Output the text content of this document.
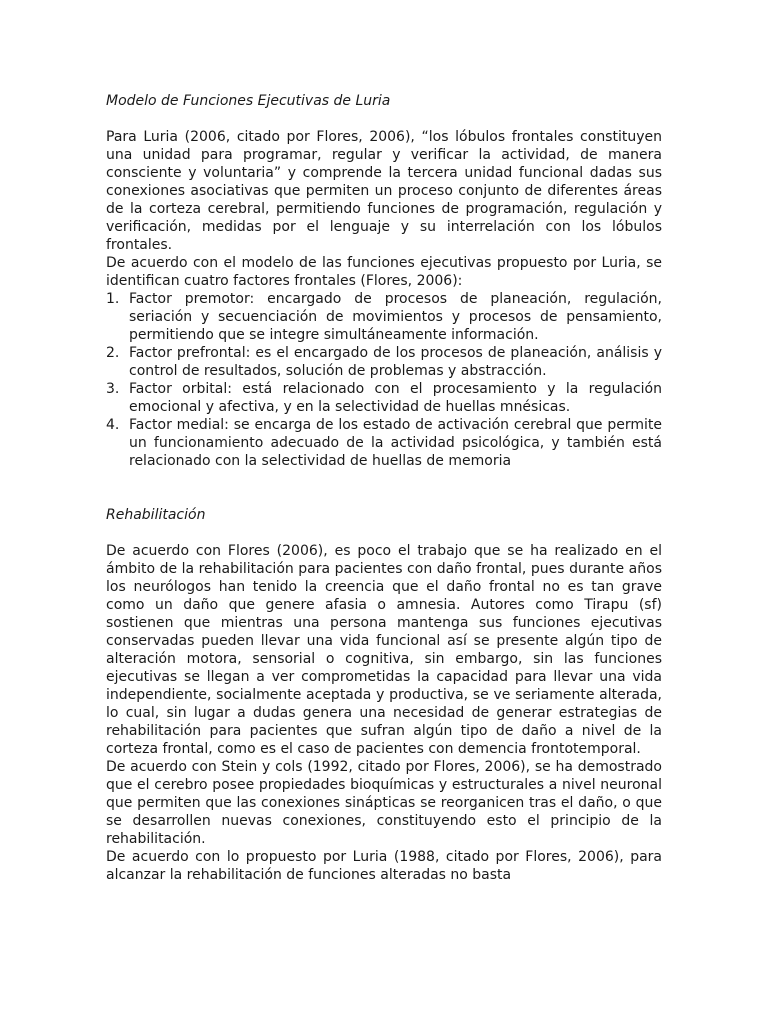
Modelo de Funciones Ejecutivas de Luria

Para Luria (2006, citado por Flores, 2006), “los lóbulos frontales constituyen una unidad para programar, regular y verificar la actividad, de manera consciente y voluntaria” y comprende la tercera unidad funcional dadas sus conexiones asociativas que permiten un proceso conjunto de diferentes áreas de la corteza cerebral, permitiendo funciones de programación, regulación y verificación, medidas por el lenguaje y su interrelación con los lóbulos frontales.

De acuerdo con el modelo de las funciones ejecutivas propuesto por Luria, se identifican cuatro factores frontales (Flores, 2006):

1. Factor premotor: encargado de procesos de planeación, regulación, seriación y secuenciación de movimientos y procesos de pensamiento, permitiendo que se integre simultáneamente información.
2. Factor prefrontal: es el encargado de los procesos de planeación, análisis y control de resultados, solución de problemas y abstracción.
3. Factor orbital: está relacionado con el procesamiento y la regulación emocional y afectiva, y en la selectividad de huellas mnésicas.
4. Factor medial: se encarga de los estado de activación cerebral que permite un funcionamiento adecuado de la actividad psicológica, y también está relacionado con la selectividad de huellas de memoria

Rehabilitación

De acuerdo con Flores (2006), es poco el trabajo que se ha realizado en el ámbito de la rehabilitación para pacientes con daño frontal, pues durante años los neurólogos han tenido la creencia que el daño frontal no es tan grave como un daño que genere afasia o amnesia. Autores como Tirapu (sf) sostienen que mientras una persona mantenga sus funciones ejecutivas conservadas pueden llevar una vida funcional así se presente algún tipo de alteración motora, sensorial o cognitiva, sin embargo, sin las funciones ejecutivas se llegan a ver comprometidas la capacidad para llevar una vida independiente, socialmente aceptada y productiva, se ve seriamente alterada, lo cual, sin lugar a dudas genera una necesidad de generar estrategias de rehabilitación para pacientes que sufran algún tipo de daño a nivel de la corteza frontal, como es el caso de pacientes con demencia frontotemporal.

De acuerdo con Stein y cols (1992, citado por Flores, 2006), se ha demostrado que el cerebro posee propiedades bioquímicas y estructurales a nivel neuronal que permiten que las conexiones sinápticas se reorganicen tras el daño, o que se desarrollen nuevas conexiones, constituyendo esto el principio de la rehabilitación.

De acuerdo con lo propuesto por Luria (1988, citado por Flores, 2006), para alcanzar la rehabilitación de funciones alteradas no basta
